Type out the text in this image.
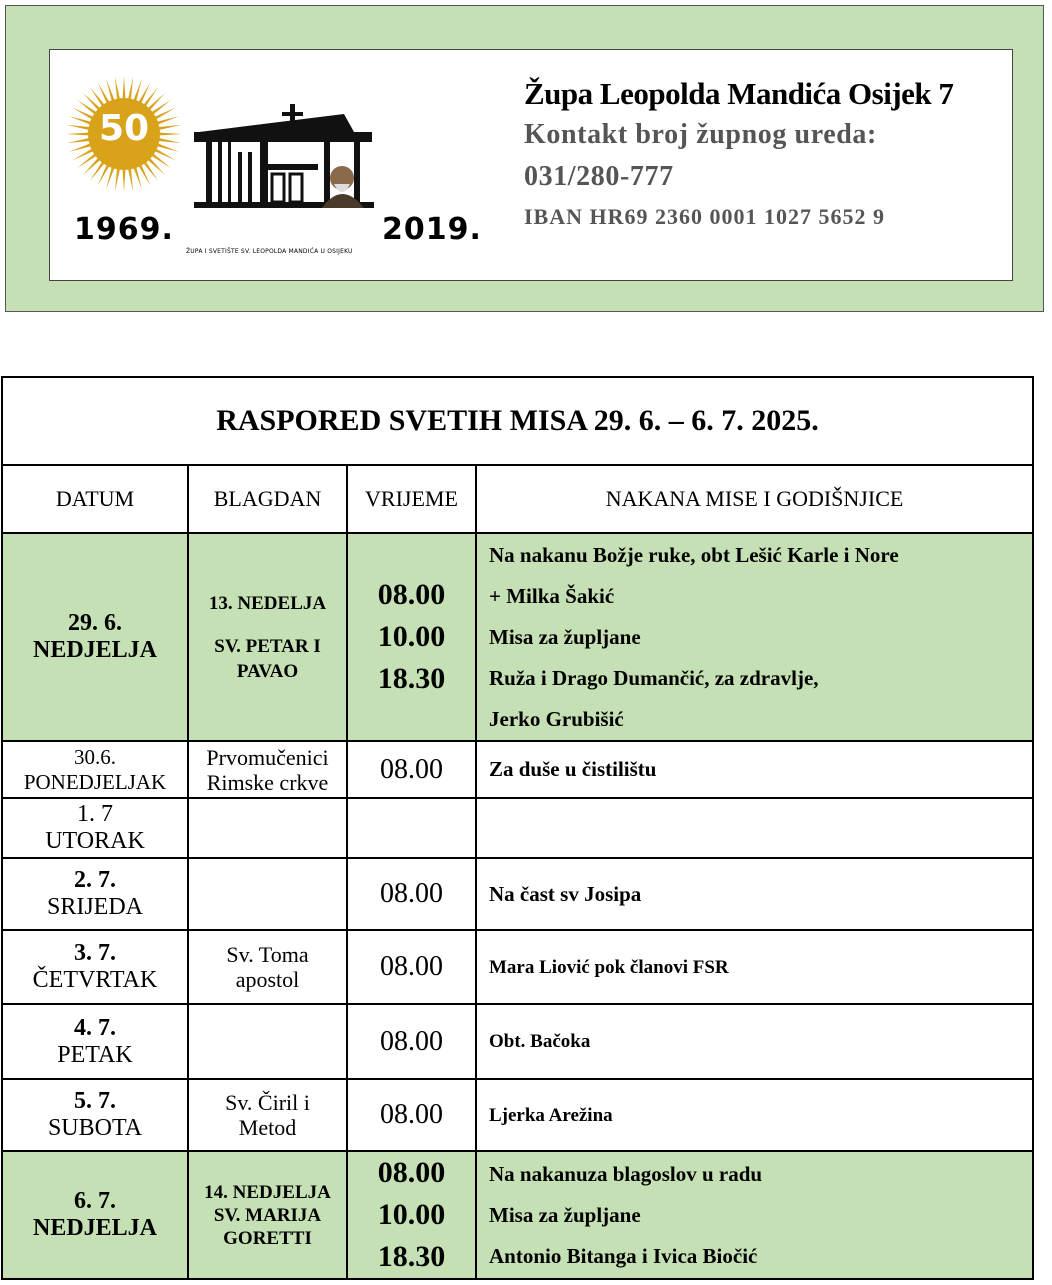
50
1969.	2019.
ŽUPA I SVETIŠTE SV. LEOPOLDA MANDIĆA U OSIJEKU

Župa Leopolda Mandića Osijek 7

Kontakt broj župnog ureda:

031/280-777

IBAN HR69 2360 0001 1027 5652 9
RASPORED SVETIH MISA 29. 6. – 6. 7. 2025.			
DATUM	BLAGDAN	VRIJEME	NAKANA MISE I GODIŠNJICE

29. 6.
NEDJELJA	13. NEDELJA
SV. PETAR I PAVAO	08.00
10.00
18.30	Na nakanu Božje ruke, obt Lešić Karle i Nore
+ Milka Šakić
Misa za župljane
Ruža i Drago Dumančić, za zdravlje,
Jerko Grubišić

30.6.
PONEDJELJAK	Prvomučenici
Rimske crkve	08.00	Za duše u čistilištu

1. 7
UTORAK			

2. 7.
SRIJEDA		08.00	Na čast sv Josipa

3. 7.
ČETVRTAK	Sv. Toma
apostol	08.00	Mara Liović pok članovi FSR

4. 7.
PETAK		08.00	Obt. Bačoka

5. 7.
SUBOTA	Sv. Čiril i
Metod	08.00	Ljerka Arežina

6. 7.
NEDJELJA	14. NEDJELJA
SV. MARIJA
GORETTI	08.00
10.00
18.30	Na nakanuza blagoslov u radu
Misa za župljane
Antonio Bitanga i Ivica Biočić
